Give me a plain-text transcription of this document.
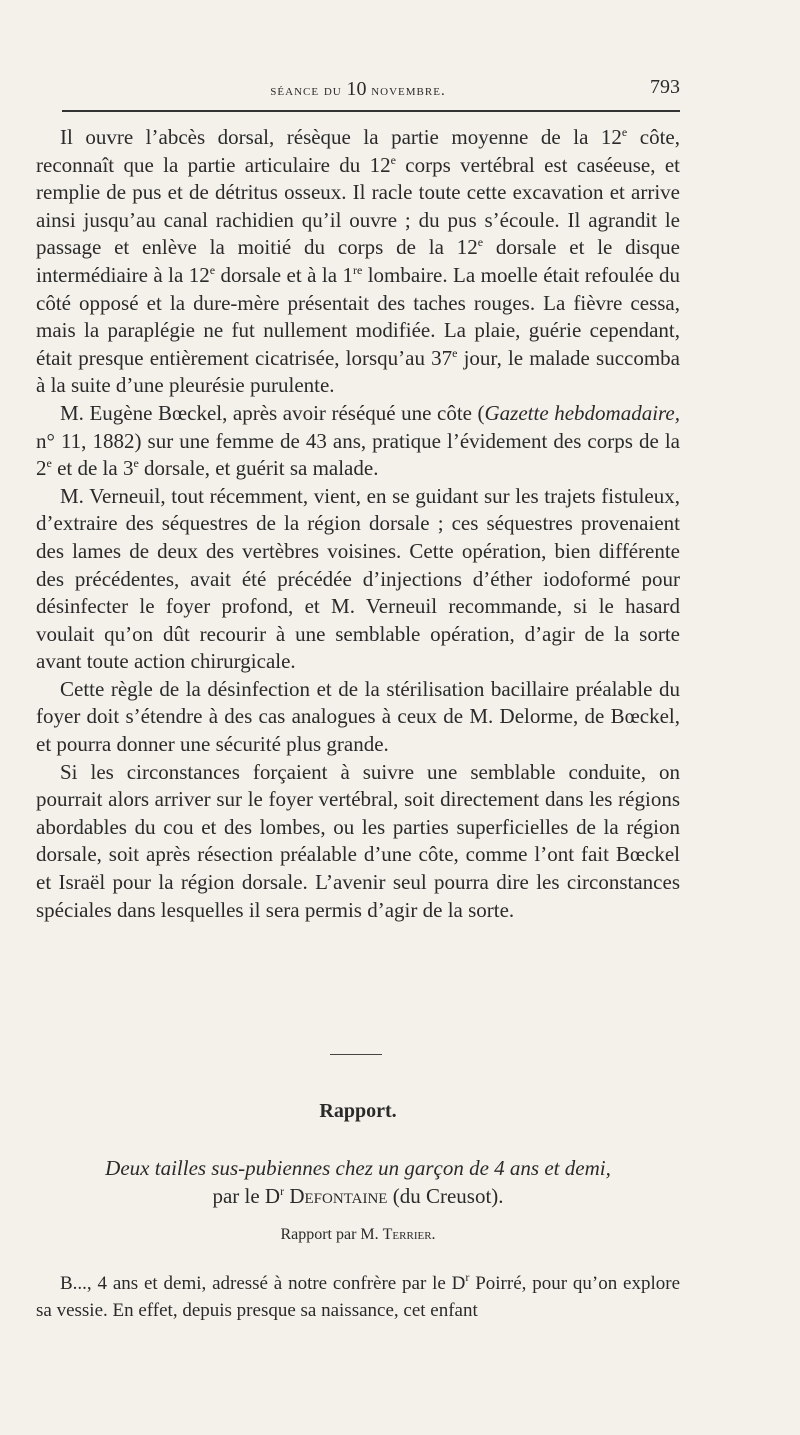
séance du 10 novembre.	793

Il ouvre l’abcès dorsal, résèque la partie moyenne de la 12e côte, reconnaît que la partie articulaire du 12e corps vertébral est caséeuse, et remplie de pus et de détritus osseux. Il racle toute cette excavation et arrive ainsi jusqu’au canal rachidien qu’il ouvre ; du pus s’écoule. Il agrandit le passage et enlève la moitié du corps de la 12e dorsale et le disque intermédiaire à la 12e dorsale et à la 1re lombaire. La moelle était refoulée du côté opposé et la dure-mère présentait des taches rouges. La fièvre cessa, mais la paraplégie ne fut nullement modifiée. La plaie, guérie cependant, était presque entièrement cicatrisée, lorsqu’au 37e jour, le malade succomba à la suite d’une pleurésie purulente.

M. Eugène Bœckel, après avoir réséqué une côte (Gazette hebdomadaire, n° 11, 1882) sur une femme de 43 ans, pratique l’évidement des corps de la 2e et de la 3e dorsale, et guérit sa malade.

M. Verneuil, tout récemment, vient, en se guidant sur les trajets fistuleux, d’extraire des séquestres de la région dorsale ; ces séquestres provenaient des lames de deux des vertèbres voisines. Cette opération, bien différente des précédentes, avait été précédée d’injections d’éther iodoformé pour désinfecter le foyer profond, et M. Verneuil recommande, si le hasard voulait qu’on dût recourir à une semblable opération, d’agir de la sorte avant toute action chirurgicale.

Cette règle de la désinfection et de la stérilisation bacillaire préalable du foyer doit s’étendre à des cas analogues à ceux de M. Delorme, de Bœckel, et pourra donner une sécurité plus grande.

Si les circonstances forçaient à suivre une semblable conduite, on pourrait alors arriver sur le foyer vertébral, soit directement dans les régions abordables du cou et des lombes, ou les parties superficielles de la région dorsale, soit après résection préalable d’une côte, comme l’ont fait Bœckel et Israël pour la région dorsale. L’avenir seul pourra dire les circonstances spéciales dans lesquelles il sera permis d’agir de la sorte.

Rapport.
Deux tailles sus-pubiennes chez un garçon de 4 ans et demi,
par le $D^r$ Defontaine (du Creusot).
Rapport par M. Terrier.

B..., 4 ans et demi, adressé à notre confrère par le $D^r$ Poirré, pour qu’on explore sa vessie. En effet, depuis presque sa naissance, cet enfant
